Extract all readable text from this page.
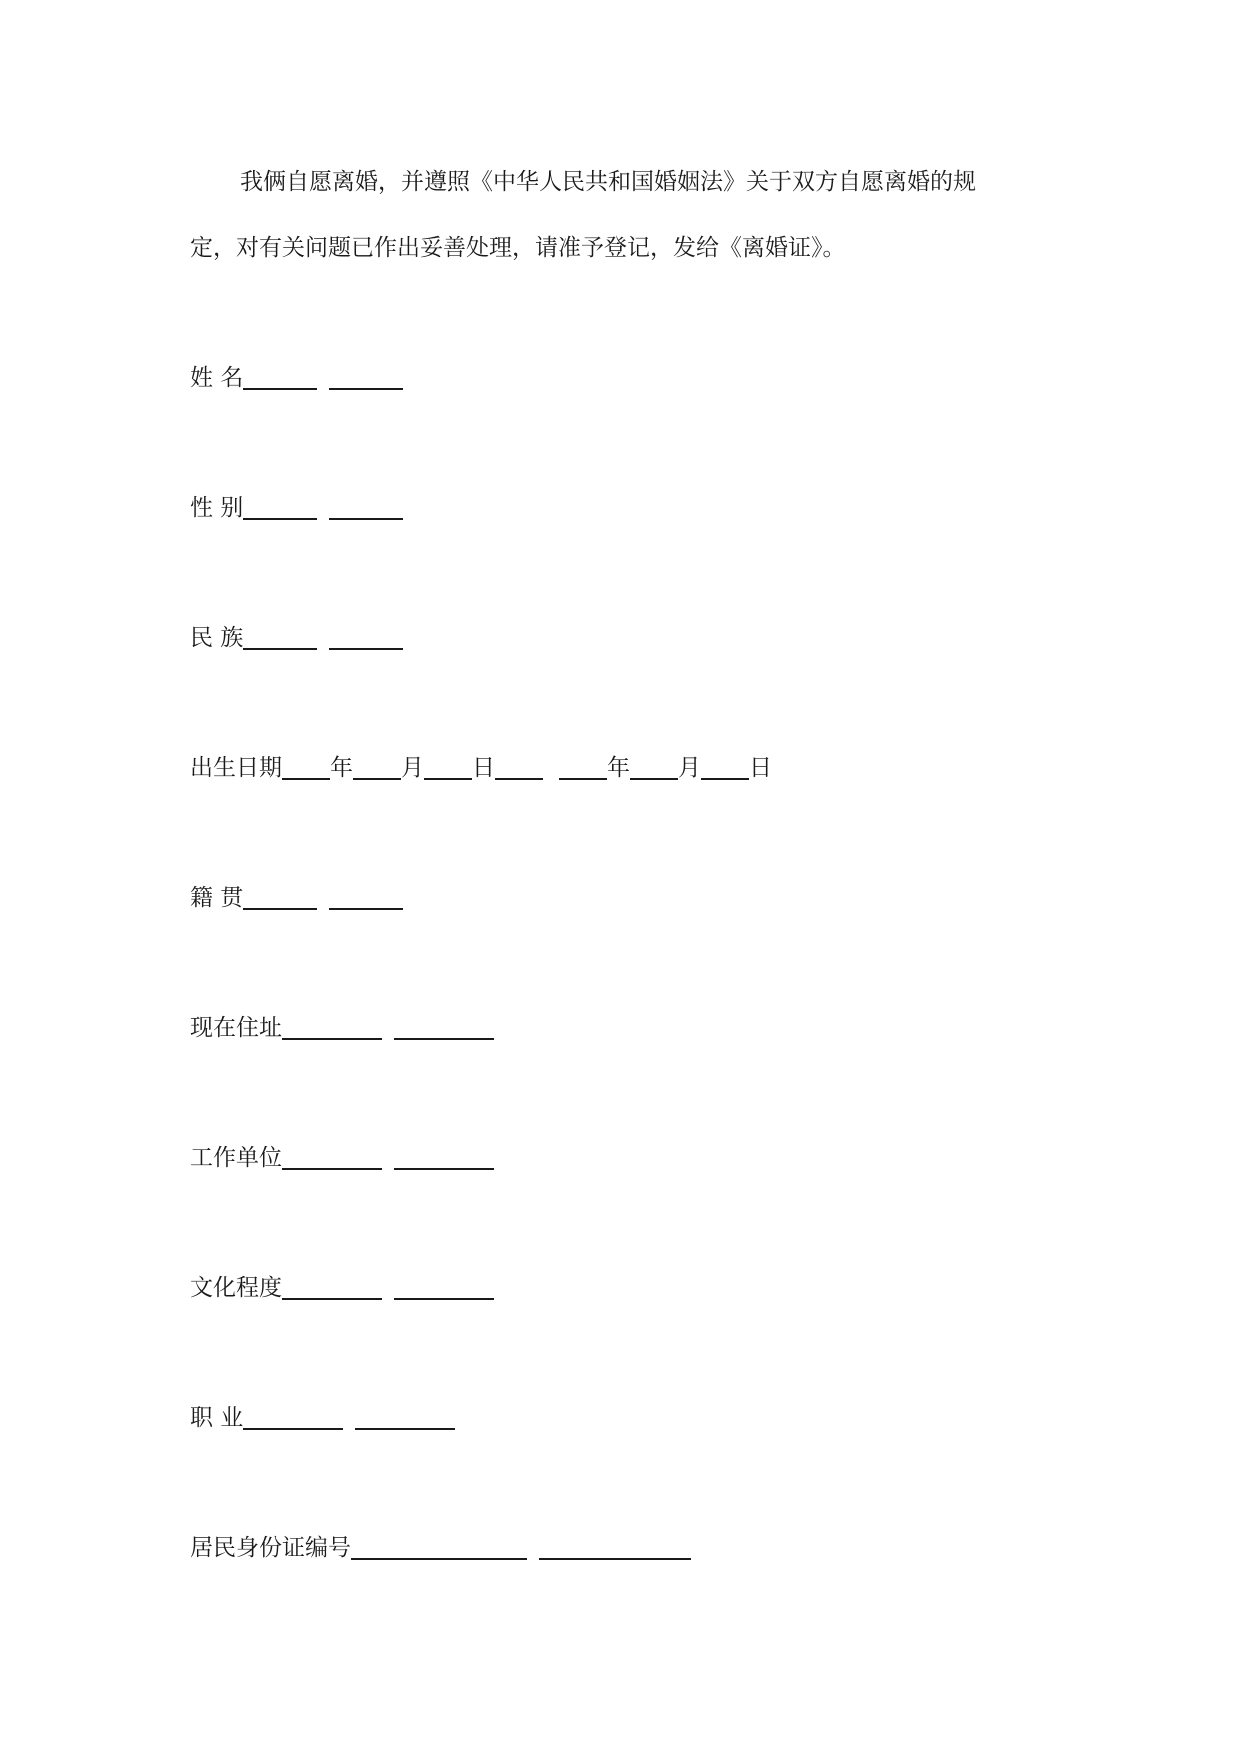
我俩自愿离婚，并遵照《中华人民共和国婚姻法》关于双方自愿离婚的规
定，对有关问题已作出妥善处理，请准予登记，发给《离婚证》。
姓 名
性 别
民 族
出生日期 年 月 日	年 月 日
籍 贯
现在住址
工作单位
文化程度
职 业
居民身份证编号
